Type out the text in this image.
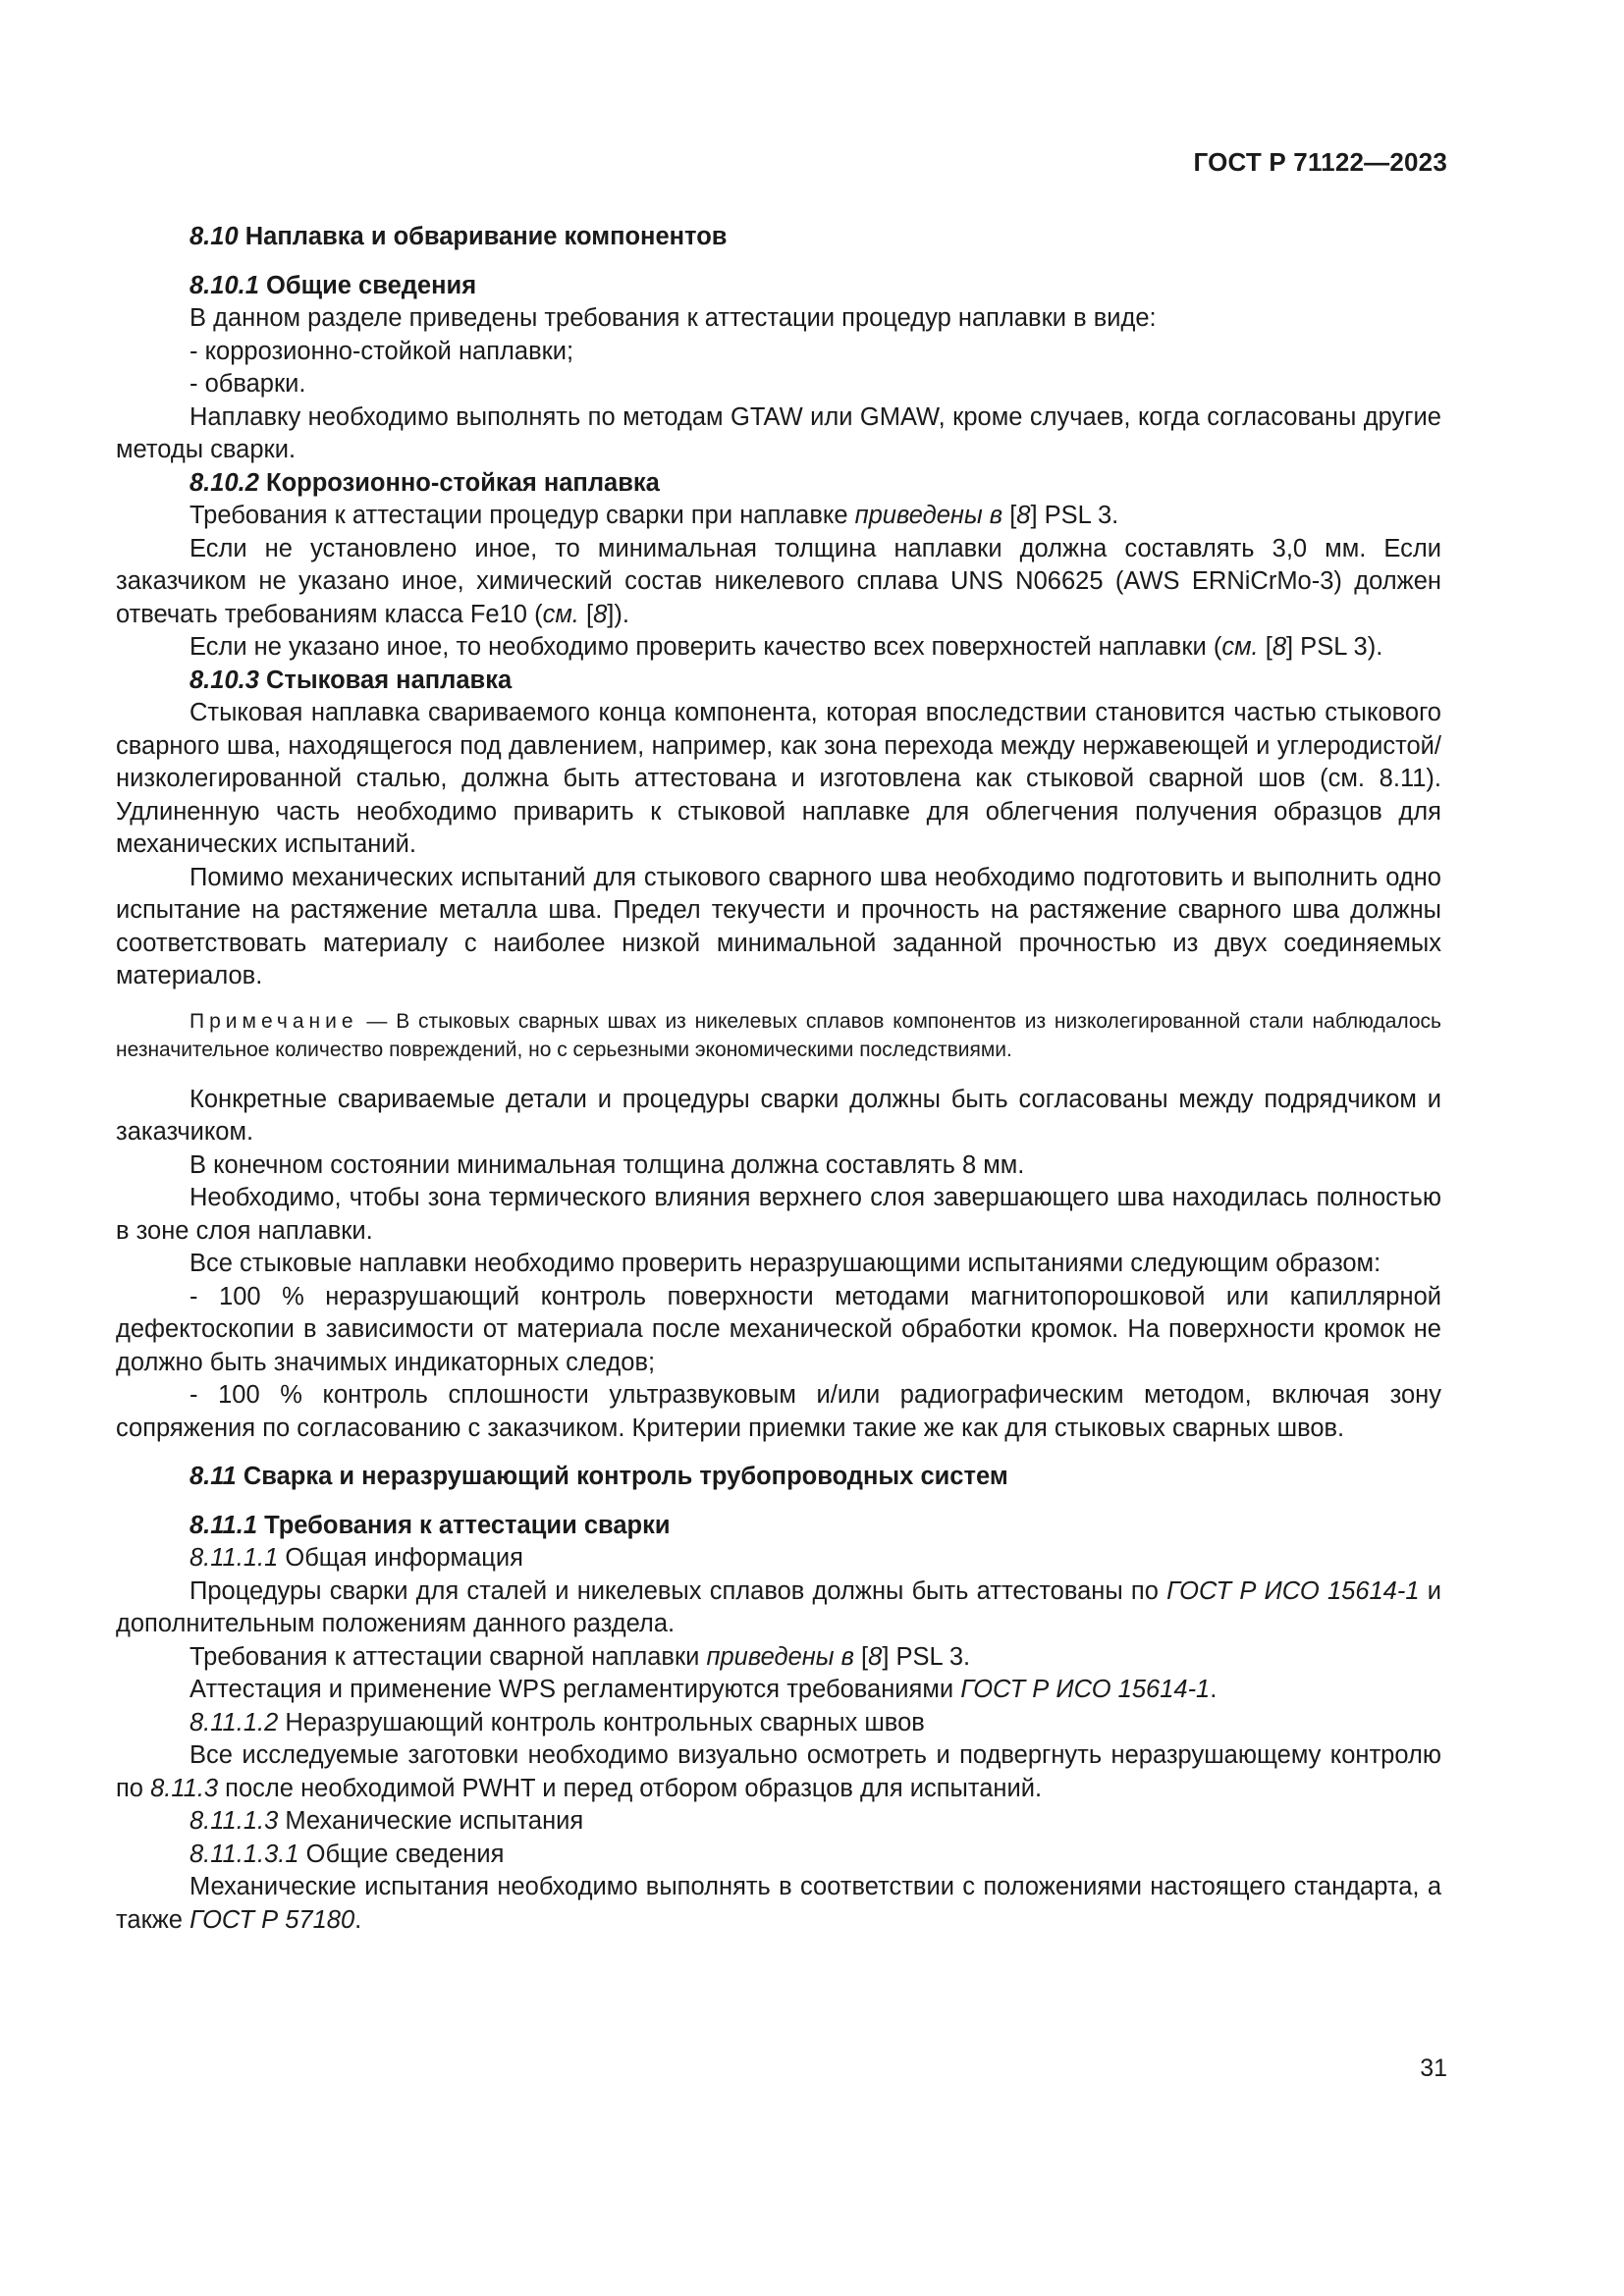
ГОСТ Р 71122—2023

8.10 Наплавка и обваривание компонентов

8.10.1 Общие сведения

В данном разделе приведены требования к аттестации процедур наплавки в виде:

- коррозионно-стойкой наплавки;

- обварки.

Наплавку необходимо выполнять по методам GTAW или GMAW, кроме случаев, когда согласованы другие методы сварки.

8.10.2 Коррозионно-стойкая наплавка

Требования к аттестации процедур сварки при наплавке приведены в [8] PSL 3.

Если не установлено иное, то минимальная толщина наплавки должна составлять 3,0 мм. Если заказчиком не указано иное, химический состав никелевого сплава UNS N06625 (AWS ERNiCrMo-3) должен отвечать требованиям класса Fe10 (см. [8]).

Если не указано иное, то необходимо проверить качество всех поверхностей наплавки (см. [8] PSL 3).

8.10.3 Стыковая наплавка

Стыковая наплавка свариваемого конца компонента, которая впоследствии становится частью стыкового сварного шва, находящегося под давлением, например, как зона перехода между нержавеющей и углеродистой/низколегированной сталью, должна быть аттестована и изготовлена как стыковой сварной шов (см. 8.11). Удлиненную часть необходимо приварить к стыковой наплавке для облегчения получения образцов для механических испытаний.

Помимо механических испытаний для стыкового сварного шва необходимо подготовить и выполнить одно испытание на растяжение металла шва. Предел текучести и прочность на растяжение сварного шва должны соответствовать материалу с наиболее низкой минимальной заданной прочностью из двух соединяемых материалов.

Примечание — В стыковых сварных швах из никелевых сплавов компонентов из низколегированной стали наблюдалось незначительное количество повреждений, но с серьезными экономическими последствиями.

Конкретные свариваемые детали и процедуры сварки должны быть согласованы между подрядчиком и заказчиком.

В конечном состоянии минимальная толщина должна составлять 8 мм.

Необходимо, чтобы зона термического влияния верхнего слоя завершающего шва находилась полностью в зоне слоя наплавки.

Все стыковые наплавки необходимо проверить неразрушающими испытаниями следующим образом:

- 100 % неразрушающий контроль поверхности методами магнитопорошковой или капиллярной дефектоскопии в зависимости от материала после механической обработки кромок. На поверхности кромок не должно быть значимых индикаторных следов;

- 100 % контроль сплошности ультразвуковым и/или радиографическим методом, включая зону сопряжения по согласованию с заказчиком. Критерии приемки такие же как для стыковых сварных швов.

8.11 Сварка и неразрушающий контроль трубопроводных систем

8.11.1 Требования к аттестации сварки

8.11.1.1 Общая информация

Процедуры сварки для сталей и никелевых сплавов должны быть аттестованы по ГОСТ Р ИСО 15614-1 и дополнительным положениям данного раздела.

Требования к аттестации сварной наплавки приведены в [8] PSL 3.

Аттестация и применение WPS регламентируются требованиями ГОСТ Р ИСО 15614-1.

8.11.1.2 Неразрушающий контроль контрольных сварных швов

Все исследуемые заготовки необходимо визуально осмотреть и подвергнуть неразрушающему контролю по 8.11.3 после необходимой PWHT и перед отбором образцов для испытаний.

8.11.1.3 Механические испытания

8.11.1.3.1 Общие сведения

Механические испытания необходимо выполнять в соответствии с положениями настоящего стандарта, а также ГОСТ Р 57180.

31
